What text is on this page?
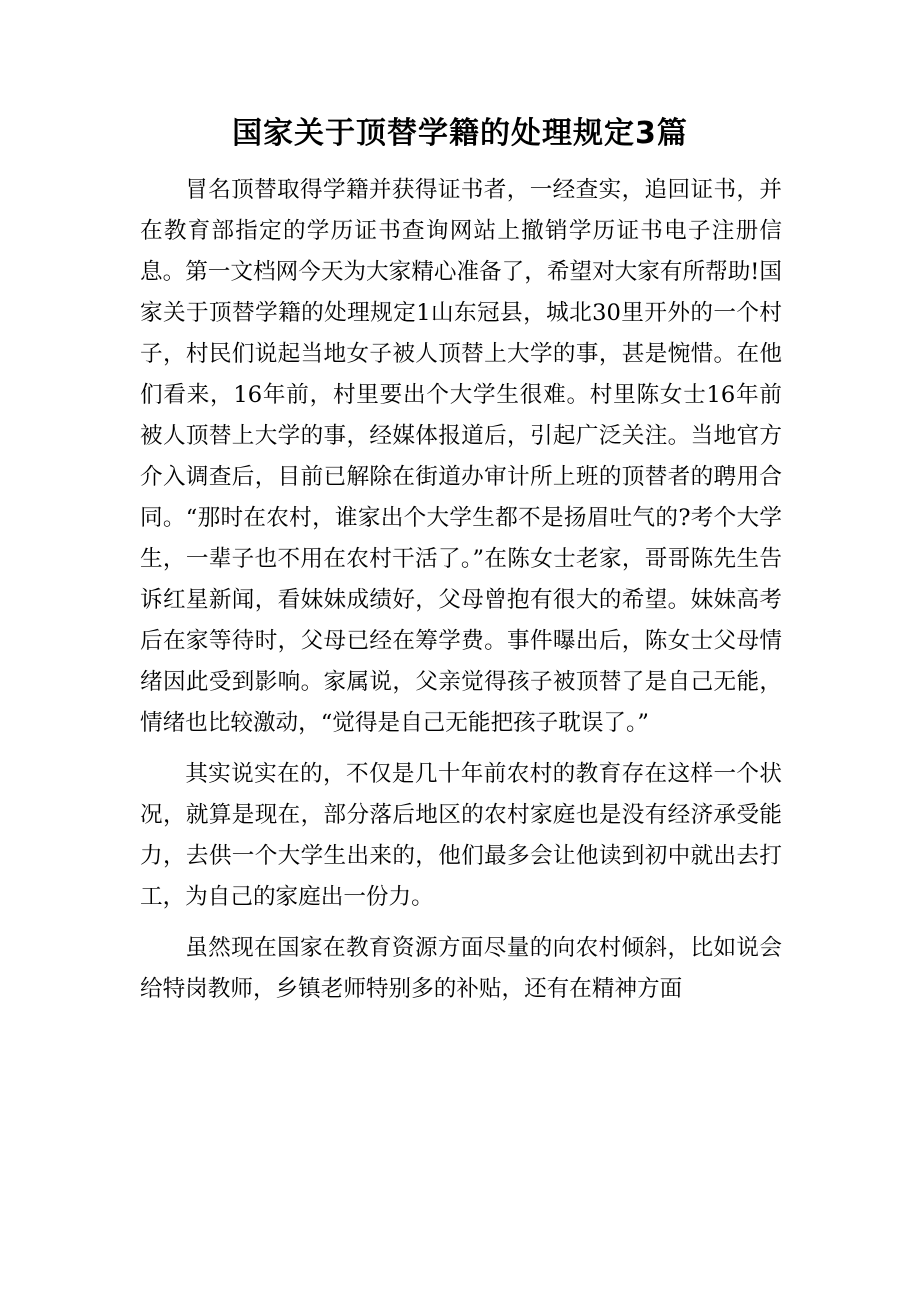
国家关于顶替学籍的处理规定3篇

冒名顶替取得学籍并获得证书者，一经查实，追回证书，并在教育部指定的学历证书查询网站上撤销学历证书电子注册信息。第一文档网今天为大家精心准备了，希望对大家有所帮助!国家关于顶替学籍的处理规定1山东冠县，城北30里开外的一个村子，村民们说起当地女子被人顶替上大学的事，甚是惋惜。在他们看来，16年前，村里要出个大学生很难。村里陈女士16年前被人顶替上大学的事，经媒体报道后，引起广泛关注。当地官方介入调查后，目前已解除在街道办审计所上班的顶替者的聘用合同。“那时在农村，谁家出个大学生都不是扬眉吐气的?考个大学生，一辈子也不用在农村干活了。”在陈女士老家，哥哥陈先生告诉红星新闻，看妹妹成绩好，父母曾抱有很大的希望。妹妹高考后在家等待时，父母已经在筹学费。事件曝出后，陈女士父母情绪因此受到影响。家属说，父亲觉得孩子被顶替了是自己无能，情绪也比较激动，“觉得是自己无能把孩子耽误了。”

其实说实在的，不仅是几十年前农村的教育存在这样一个状况，就算是现在，部分落后地区的农村家庭也是没有经济承受能力，去供一个大学生出来的，他们最多会让他读到初中就出去打工，为自己的家庭出一份力。

虽然现在国家在教育资源方面尽量的向农村倾斜，比如说会给特岗教师，乡镇老师特别多的补贴，还有在精神方面
